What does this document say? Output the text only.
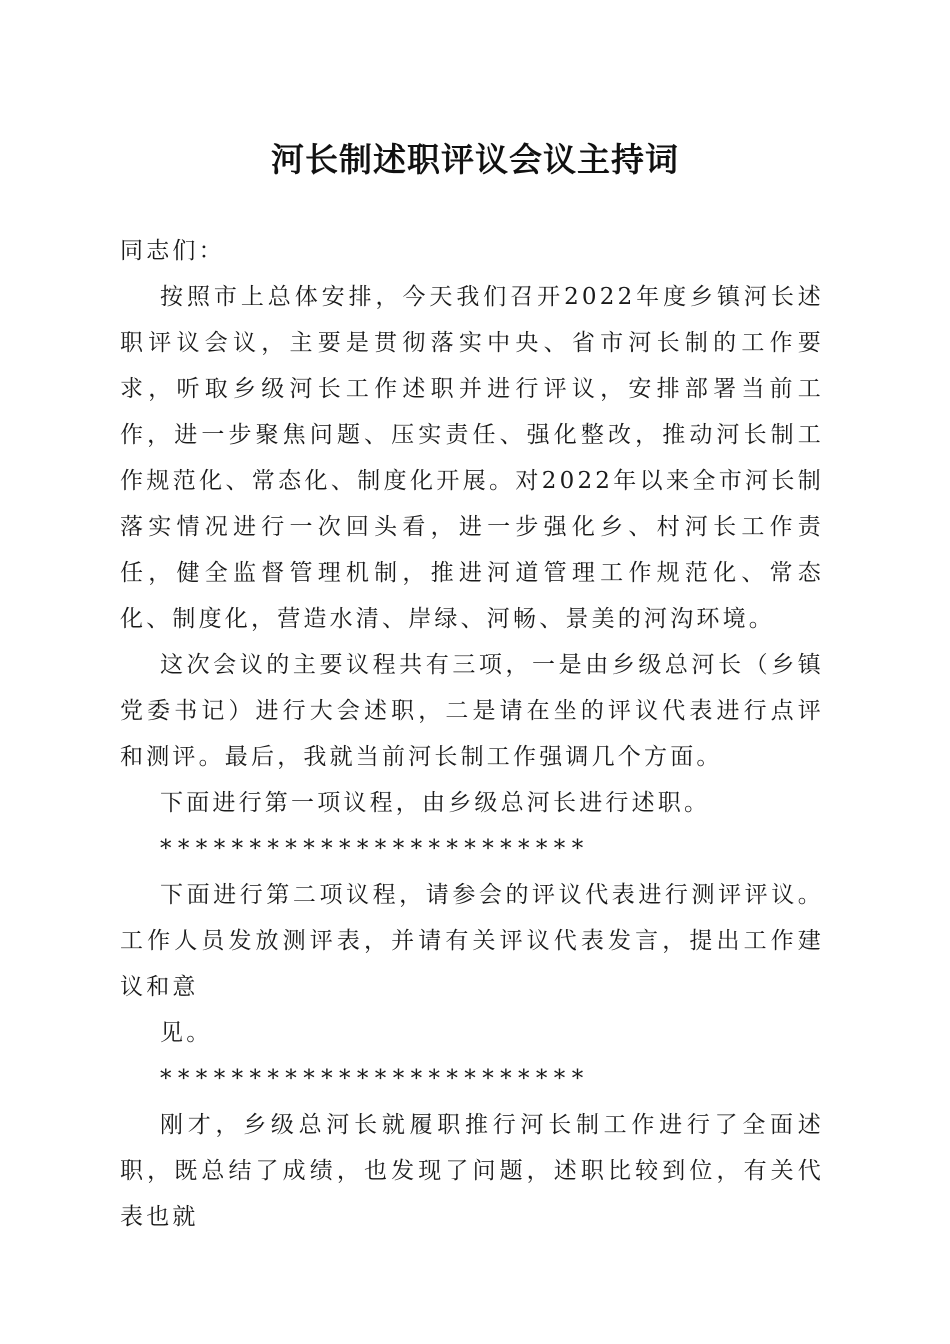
河长制述职评议会议主持词

同志们：

按照市上总体安排，今天我们召开2022年度乡镇河长述职评议会议，主要是贯彻落实中央、省市河长制的工作要求，听取乡级河长工作述职并进行评议，安排部署当前工作，进一步聚焦问题、压实责任、强化整改，推动河长制工作规范化、常态化、制度化开展。对2022年以来全市河长制落实情况进行一次回头看，进一步强化乡、村河长工作责任，健全监督管理机制，推进河道管理工作规范化、常态化、制度化，营造水清、岸绿、河畅、景美的河沟环境。

这次会议的主要议程共有三项，一是由乡级总河长（乡镇党委书记）进行大会述职，二是请在坐的评议代表进行点评和测评。最后，我就当前河长制工作强调几个方面。

下面进行第一项议程，由乡级总河长进行述职。

************************

下面进行第二项议程，请参会的评议代表进行测评评议。工作人员发放测评表，并请有关评议代表发言，提出工作建议和意

见。

************************

刚才，乡级总河长就履职推行河长制工作进行了全面述职，既总结了成绩，也发现了问题，述职比较到位，有关代表也就
